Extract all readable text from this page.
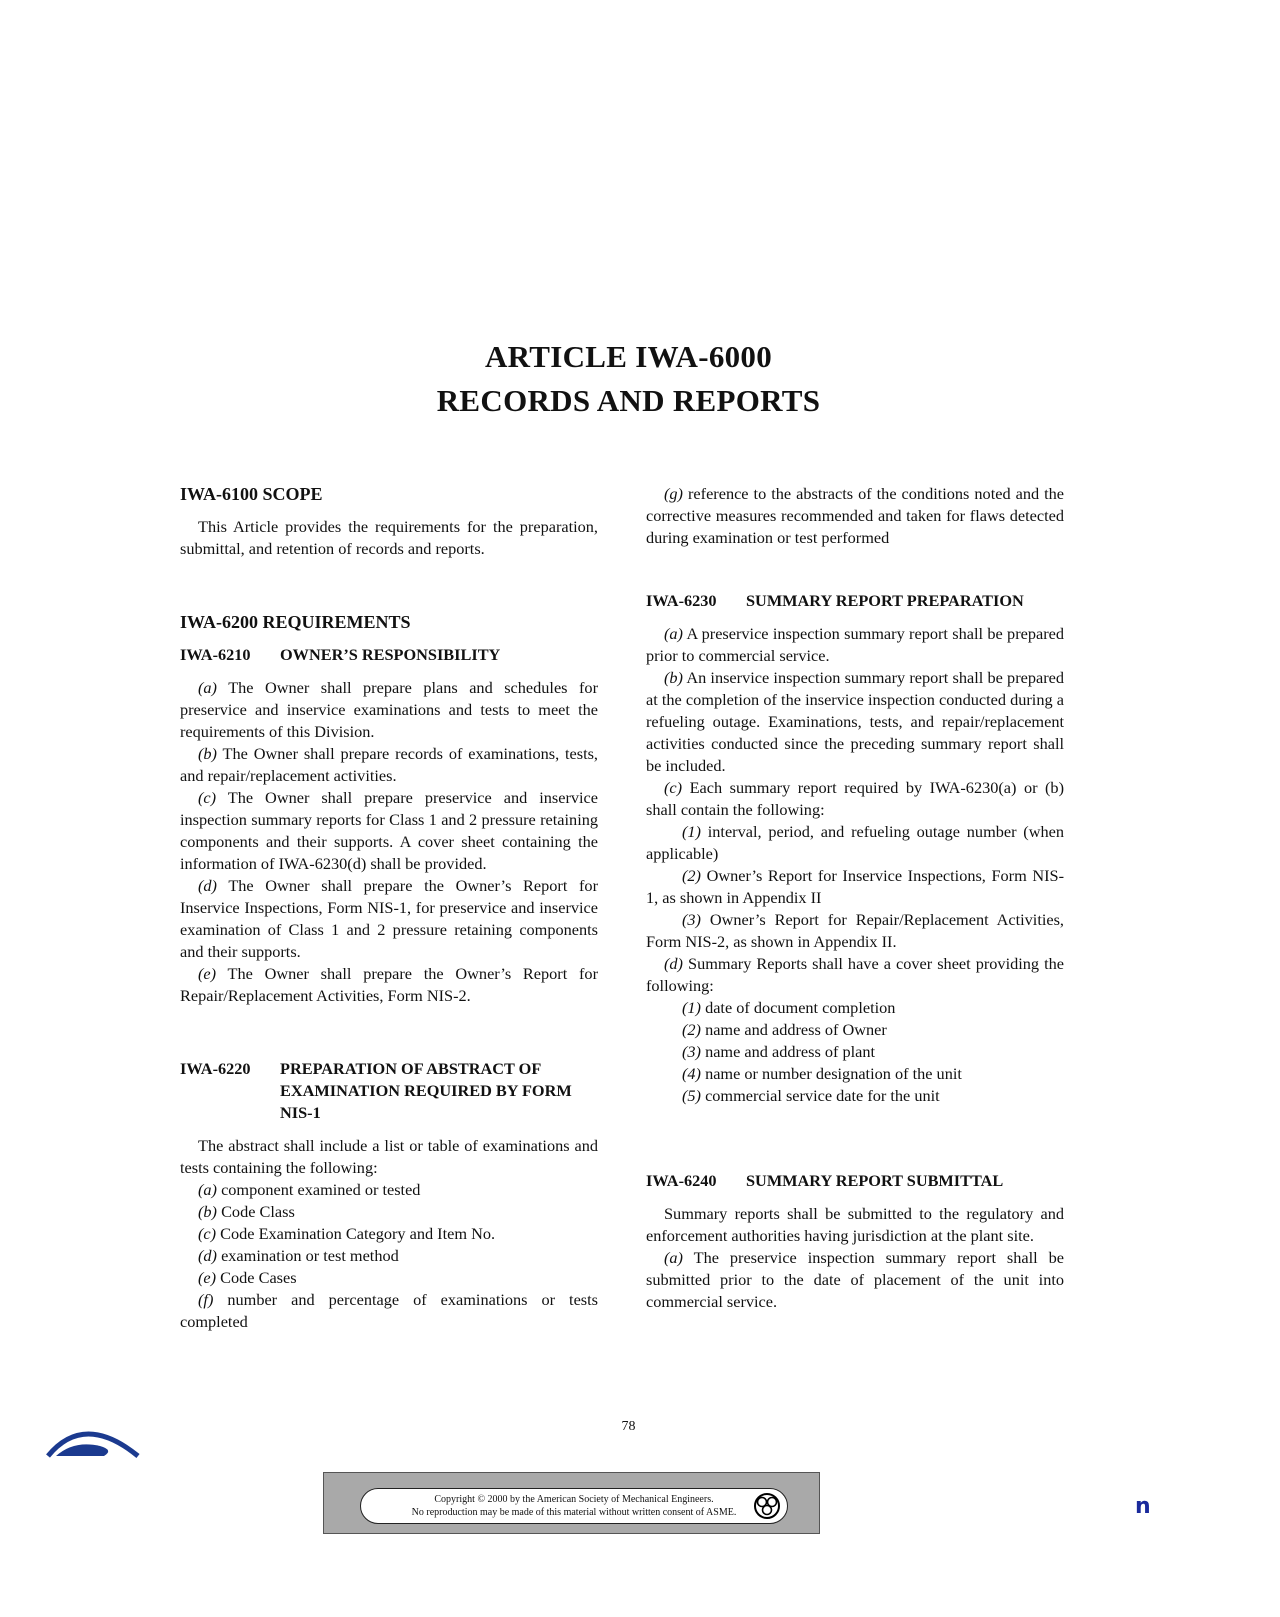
ARTICLE IWA-6000
RECORDS AND REPORTS

IWA-6100 SCOPE

This Article provides the requirements for the preparation, submittal, and retention of records and reports.

IWA-6200 REQUIREMENTS

IWA-6210	OWNER’S RESPONSIBILITY

(a) The Owner shall prepare plans and schedules for preservice and inservice examinations and tests to meet the requirements of this Division.

(b) The Owner shall prepare records of examinations, tests, and repair/replacement activities.

(c) The Owner shall prepare preservice and inservice inspection summary reports for Class 1 and 2 pressure retaining components and their supports. A cover sheet containing the information of IWA-6230(d) shall be provided.

(d) The Owner shall prepare the Owner’s Report for Inservice Inspections, Form NIS-1, for preservice and inservice examination of Class 1 and 2 pressure retaining components and their supports.

(e) The Owner shall prepare the Owner’s Report for Repair/Replacement Activities, Form NIS-2.

IWA-6220	PREPARATION OF ABSTRACT OF EXAMINATION REQUIRED BY FORM NIS-1

The abstract shall include a list or table of examinations and tests containing the following:

(a) component examined or tested

(b) Code Class

(c) Code Examination Category and Item No.

(d) examination or test method

(e) Code Cases

(f) number and percentage of examinations or tests completed

(g) reference to the abstracts of the conditions noted and the corrective measures recommended and taken for flaws detected during examination or test performed

IWA-6230	SUMMARY REPORT PREPARATION

(a) A preservice inspection summary report shall be prepared prior to commercial service.

(b) An inservice inspection summary report shall be prepared at the completion of the inservice inspection conducted during a refueling outage. Examinations, tests, and repair/replacement activities conducted since the preceding summary report shall be included.

(c) Each summary report required by IWA-6230(a) or (b) shall contain the following:

(1) interval, period, and refueling outage number (when applicable)

(2) Owner’s Report for Inservice Inspections, Form NIS-1, as shown in Appendix II

(3) Owner’s Report for Repair/Replacement Activities, Form NIS-2, as shown in Appendix II.

(d) Summary Reports shall have a cover sheet providing the following:

(1) date of document completion

(2) name and address of Owner

(3) name and address of plant

(4) name or number designation of the unit

(5) commercial service date for the unit

IWA-6240	SUMMARY REPORT SUBMITTAL

Summary reports shall be submitted to the regulatory and enforcement authorities having jurisdiction at the plant site.

(a) The preservice inspection summary report shall be submitted prior to the date of placement of the unit into commercial service.

78
Copyright © 2000 by the American Society of Mechanical Engineers.
No reproduction may be made of this material without written consent of ASME.	n
